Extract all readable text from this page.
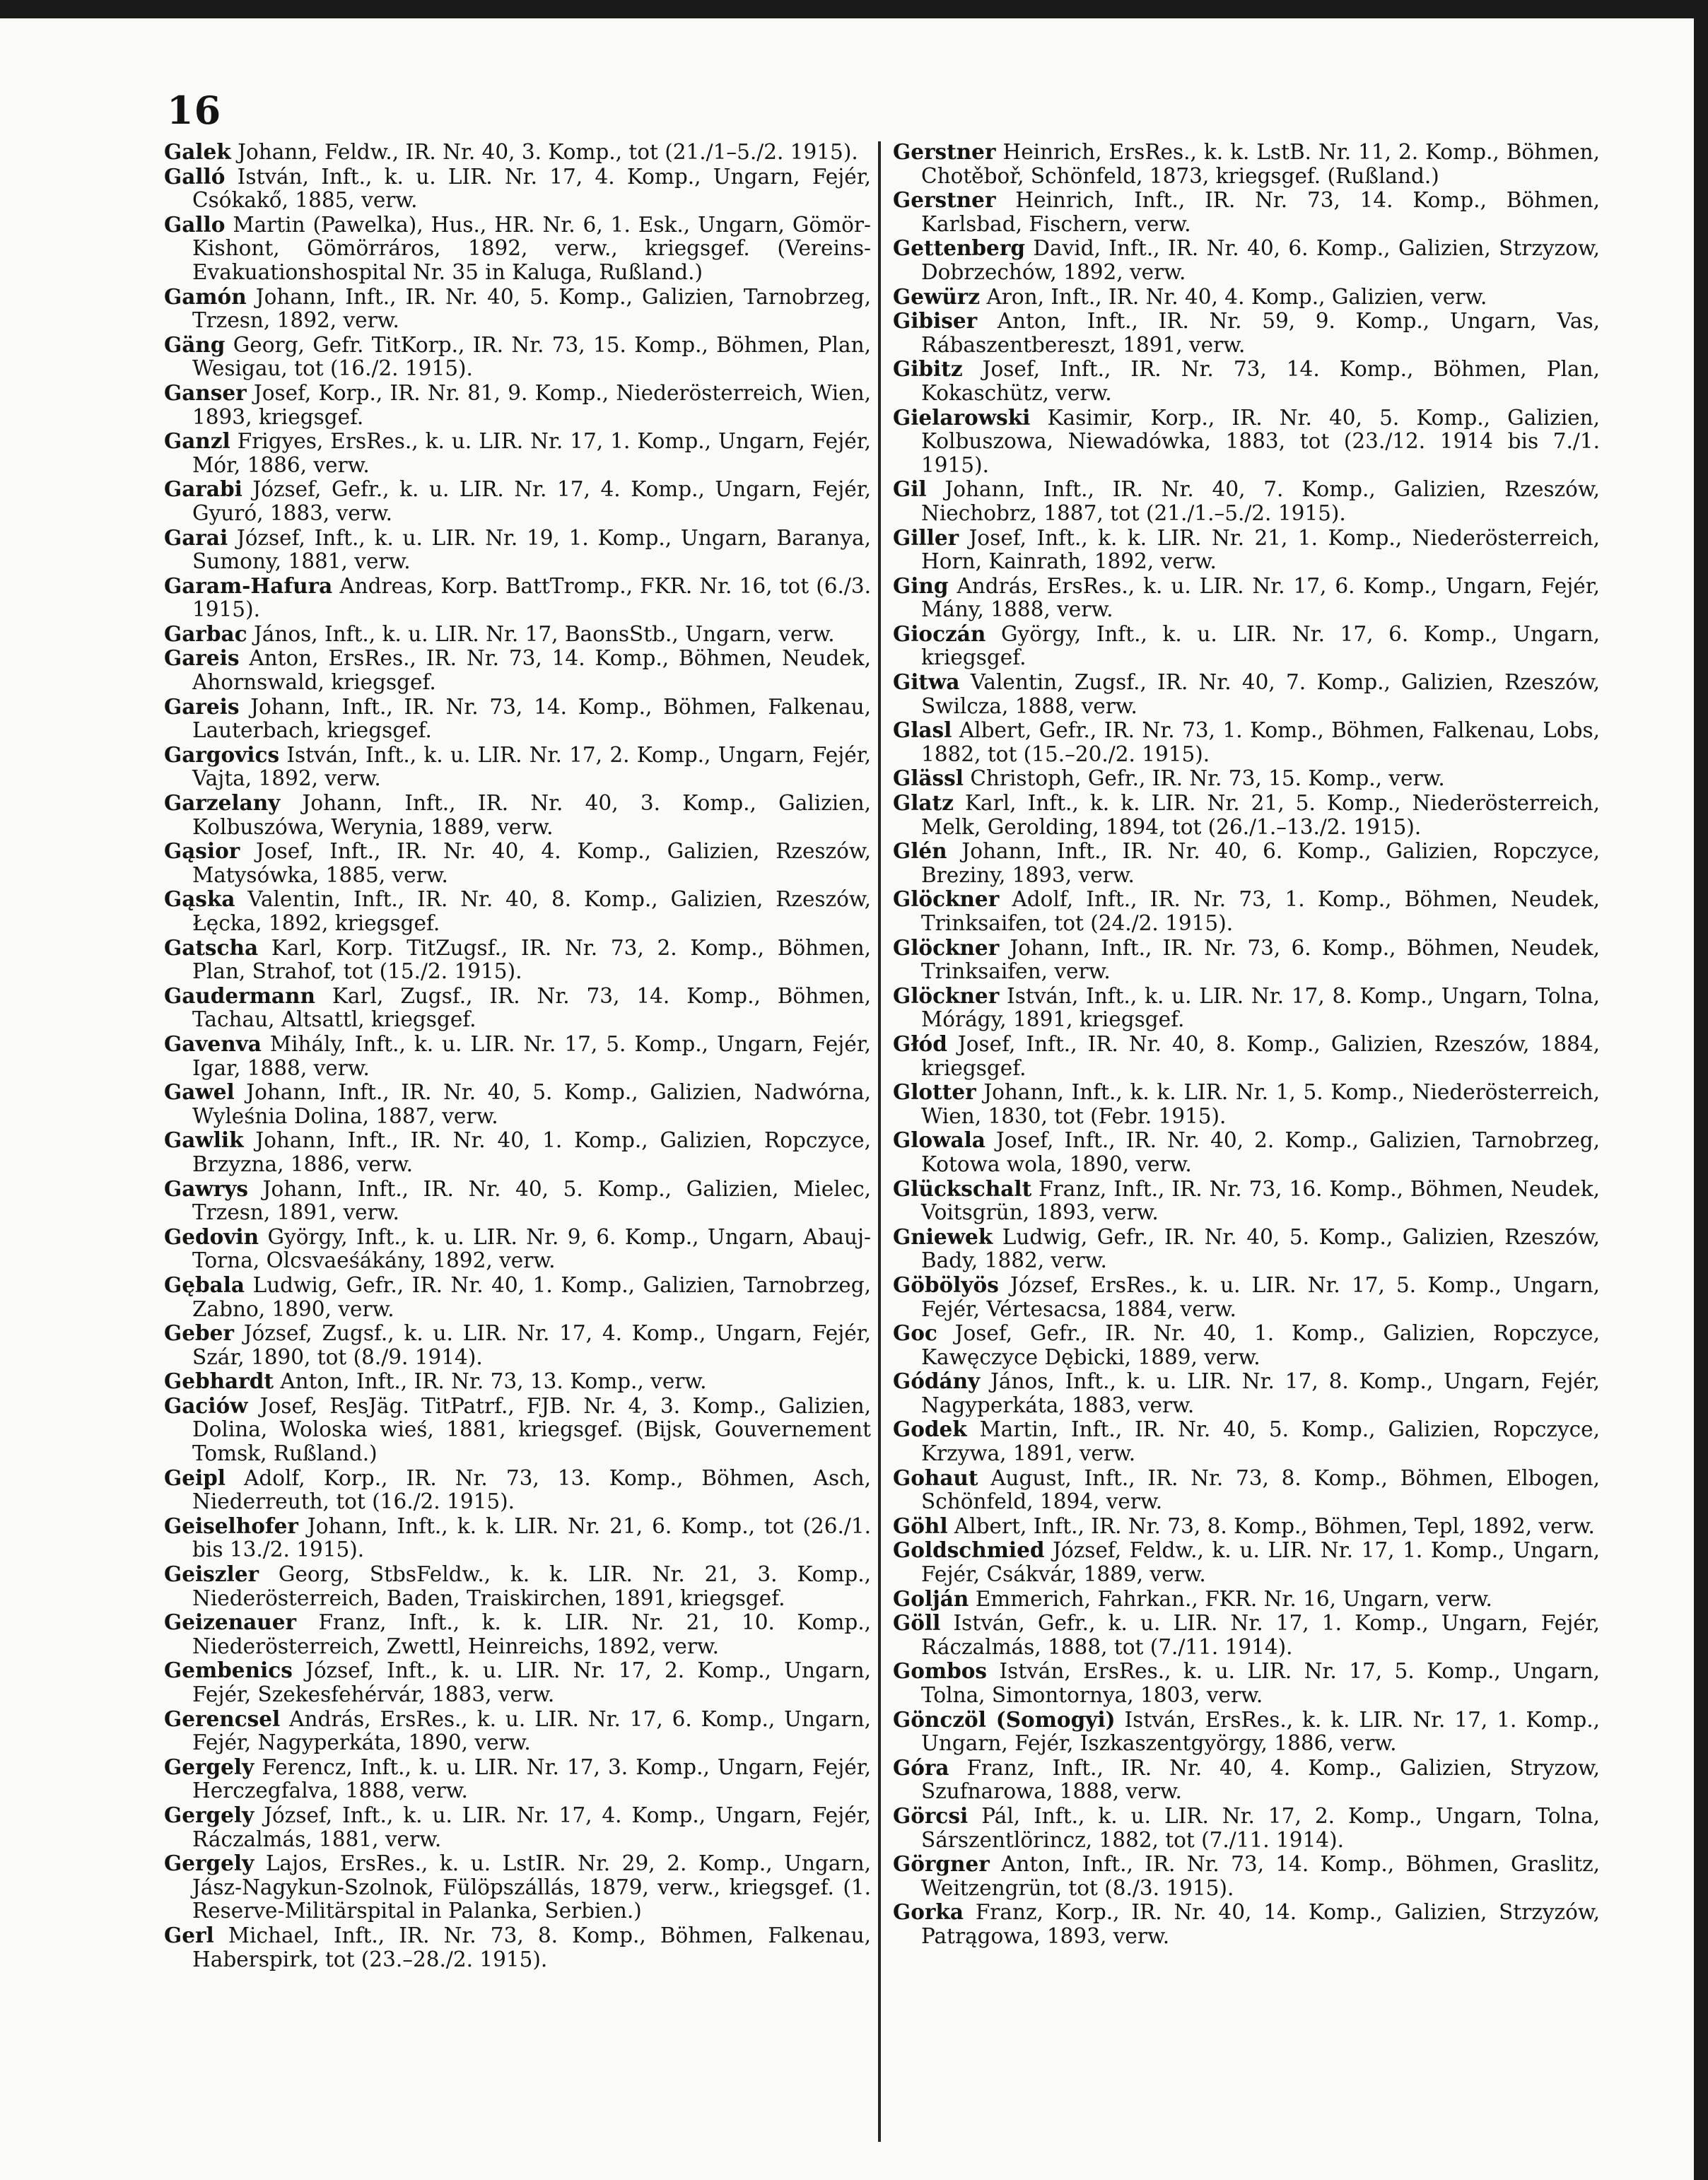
16

Galek Johann, Feldw., IR. Nr. 40, 3. Komp., tot (21./1–5./2. 1915).

Galló István, Inft., k. u. LIR. Nr. 17, 4. Komp., Ungarn, Fejér, Csókakő, 1885, verw.

Gallo Martin (Pawelka), Hus., HR. Nr. 6, 1. Esk., Ungarn, Gömör-Kishont, Gömörráros, 1892, verw., kriegsgef. (Vereins-Evakuationshospital Nr. 35 in Kaluga, Rußland.)

Gamón Johann, Inft., IR. Nr. 40, 5. Komp., Galizien, Tarnobrzeg, Trzesn, 1892, verw.

Gäng Georg, Gefr. TitKorp., IR. Nr. 73, 15. Komp., Böhmen, Plan, Wesigau, tot (16./2. 1915).

Ganser Josef, Korp., IR. Nr. 81, 9. Komp., Niederösterreich, Wien, 1893, kriegsgef.

Ganzl Frigyes, ErsRes., k. u. LIR. Nr. 17, 1. Komp., Ungarn, Fejér, Mór, 1886, verw.

Garabi József, Gefr., k. u. LIR. Nr. 17, 4. Komp., Ungarn, Fejér, Gyuró, 1883, verw.

Garai József, Inft., k. u. LIR. Nr. 19, 1. Komp., Ungarn, Baranya, Sumony, 1881, verw.

Garam-Hafura Andreas, Korp. BattTromp., FKR. Nr. 16, tot (6./3. 1915).

Garbac János, Inft., k. u. LIR. Nr. 17, BaonsStb., Ungarn, verw.

Gareis Anton, ErsRes., IR. Nr. 73, 14. Komp., Böhmen, Neudek, Ahornswald, kriegsgef.

Gareis Johann, Inft., IR. Nr. 73, 14. Komp., Böhmen, Falkenau, Lauterbach, kriegsgef.

Gargovics István, Inft., k. u. LIR. Nr. 17, 2. Komp., Ungarn, Fejér, Vajta, 1892, verw.

Garzelany Johann, Inft., IR. Nr. 40, 3. Komp., Galizien, Kolbuszówa, Werynia, 1889, verw.

Gąsior Josef, Inft., IR. Nr. 40, 4. Komp., Galizien, Rzeszów, Matysówka, 1885, verw.

Gąska Valentin, Inft., IR. Nr. 40, 8. Komp., Galizien, Rzeszów, Łęcka, 1892, kriegsgef.

Gatscha Karl, Korp. TitZugsf., IR. Nr. 73, 2. Komp., Böhmen, Plan, Strahof, tot (15./2. 1915).

Gaudermann Karl, Zugsf., IR. Nr. 73, 14. Komp., Böhmen, Tachau, Altsattl, kriegsgef.

Gavenva Mihály, Inft., k. u. LIR. Nr. 17, 5. Komp., Ungarn, Fejér, Igar, 1888, verw.

Gawel Johann, Inft., IR. Nr. 40, 5. Komp., Galizien, Nadwórna, Wyleśnia Dolina, 1887, verw.

Gawlik Johann, Inft., IR. Nr. 40, 1. Komp., Galizien, Ropczyce, Brzyzna, 1886, verw.

Gawrys Johann, Inft., IR. Nr. 40, 5. Komp., Galizien, Mielec, Trzesn, 1891, verw.

Gedovin György, Inft., k. u. LIR. Nr. 9, 6. Komp., Ungarn, Abauj-Torna, Olcsvaeśákány, 1892, verw.

Gębala Ludwig, Gefr., IR. Nr. 40, 1. Komp., Galizien, Tarnobrzeg, Zabno, 1890, verw.

Geber József, Zugsf., k. u. LIR. Nr. 17, 4. Komp., Ungarn, Fejér, Szár, 1890, tot (8./9. 1914).

Gebhardt Anton, Inft., IR. Nr. 73, 13. Komp., verw.

Gaciów Josef, ResJäg. TitPatrf., FJB. Nr. 4, 3. Komp., Galizien, Dolina, Woloska wieś, 1881, kriegsgef. (Bijsk, Gouvernement Tomsk, Rußland.)

Geipl Adolf, Korp., IR. Nr. 73, 13. Komp., Böhmen, Asch, Niederreuth, tot (16./2. 1915).

Geiselhofer Johann, Inft., k. k. LIR. Nr. 21, 6. Komp., tot (26./1. bis 13./2. 1915).

Geiszler Georg, StbsFeldw., k. k. LIR. Nr. 21, 3. Komp., Niederösterreich, Baden, Traiskirchen, 1891, kriegsgef.

Geizenauer Franz, Inft., k. k. LIR. Nr. 21, 10. Komp., Niederösterreich, Zwettl, Heinreichs, 1892, verw.

Gembenics József, Inft., k. u. LIR. Nr. 17, 2. Komp., Ungarn, Fejér, Szekesfehérvár, 1883, verw.

Gerencsel András, ErsRes., k. u. LIR. Nr. 17, 6. Komp., Ungarn, Fejér, Nagyperkáta, 1890, verw.

Gergely Ferencz, Inft., k. u. LIR. Nr. 17, 3. Komp., Ungarn, Fejér, Herczegfalva, 1888, verw.

Gergely József, Inft., k. u. LIR. Nr. 17, 4. Komp., Ungarn, Fejér, Ráczalmás, 1881, verw.

Gergely Lajos, ErsRes., k. u. LstIR. Nr. 29, 2. Komp., Ungarn, Jász-Nagykun-Szolnok, Fülöpszállás, 1879, verw., kriegsgef. (1. Reserve-Militärspital in Palanka, Serbien.)

Gerl Michael, Inft., IR. Nr. 73, 8. Komp., Böhmen, Falkenau, Haberspirk, tot (23.–28./2. 1915).

Gerstner Heinrich, ErsRes., k. k. LstB. Nr. 11, 2. Komp., Böhmen, Chotěboř, Schönfeld, 1873, kriegsgef. (Rußland.)

Gerstner Heinrich, Inft., IR. Nr. 73, 14. Komp., Böhmen, Karlsbad, Fischern, verw.

Gettenberg David, Inft., IR. Nr. 40, 6. Komp., Galizien, Strzyzow, Dobrzechów, 1892, verw.

Gewürz Aron, Inft., IR. Nr. 40, 4. Komp., Galizien, verw.

Gibiser Anton, Inft., IR. Nr. 59, 9. Komp., Ungarn, Vas, Rábaszentbereszt, 1891, verw.

Gibitz Josef, Inft., IR. Nr. 73, 14. Komp., Böhmen, Plan, Kokaschütz, verw.

Gielarowski Kasimir, Korp., IR. Nr. 40, 5. Komp., Galizien, Kolbuszowa, Niewadówka, 1883, tot (23./12. 1914 bis 7./1. 1915).

Gil Johann, Inft., IR. Nr. 40, 7. Komp., Galizien, Rzeszów, Niechobrz, 1887, tot (21./1.–5./2. 1915).

Giller Josef, Inft., k. k. LIR. Nr. 21, 1. Komp., Niederösterreich, Horn, Kainrath, 1892, verw.

Ging András, ErsRes., k. u. LIR. Nr. 17, 6. Komp., Ungarn, Fejér, Mány, 1888, verw.

Gioczán György, Inft., k. u. LIR. Nr. 17, 6. Komp., Ungarn, kriegsgef.

Gitwa Valentin, Zugsf., IR. Nr. 40, 7. Komp., Galizien, Rzeszów, Swilcza, 1888, verw.

Glasl Albert, Gefr., IR. Nr. 73, 1. Komp., Böhmen, Falkenau, Lobs, 1882, tot (15.–20./2. 1915).

Glässl Christoph, Gefr., IR. Nr. 73, 15. Komp., verw.

Glatz Karl, Inft., k. k. LIR. Nr. 21, 5. Komp., Niederösterreich, Melk, Gerolding, 1894, tot (26./1.–13./2. 1915).

Glén Johann, Inft., IR. Nr. 40, 6. Komp., Galizien, Ropczyce, Breziny, 1893, verw.

Glöckner Adolf, Inft., IR. Nr. 73, 1. Komp., Böhmen, Neudek, Trinksaifen, tot (24./2. 1915).

Glöckner Johann, Inft., IR. Nr. 73, 6. Komp., Böhmen, Neudek, Trinksaifen, verw.

Glöckner István, Inft., k. u. LIR. Nr. 17, 8. Komp., Ungarn, Tolna, Mórágy, 1891, kriegsgef.

Głód Josef, Inft., IR. Nr. 40, 8. Komp., Galizien, Rzeszów, 1884, kriegsgef.

Glotter Johann, Inft., k. k. LIR. Nr. 1, 5. Komp., Niederösterreich, Wien, 1830, tot (Febr. 1915).

Glowala Josef, Inft., IR. Nr. 40, 2. Komp., Galizien, Tarnobrzeg, Kotowa wola, 1890, verw.

Glückschalt Franz, Inft., IR. Nr. 73, 16. Komp., Böhmen, Neudek, Voitsgrün, 1893, verw.

Gniewek Ludwig, Gefr., IR. Nr. 40, 5. Komp., Galizien, Rzeszów, Bady, 1882, verw.

Göbölyös József, ErsRes., k. u. LIR. Nr. 17, 5. Komp., Ungarn, Fejér, Vértesacsa, 1884, verw.

Goc Josef, Gefr., IR. Nr. 40, 1. Komp., Galizien, Ropczyce, Kawęczyce Dębicki, 1889, verw.

Gódány János, Inft., k. u. LIR. Nr. 17, 8. Komp., Ungarn, Fejér, Nagyperkáta, 1883, verw.

Godek Martin, Inft., IR. Nr. 40, 5. Komp., Galizien, Ropczyce, Krzywa, 1891, verw.

Gohaut August, Inft., IR. Nr. 73, 8. Komp., Böhmen, Elbogen, Schönfeld, 1894, verw.

Göhl Albert, Inft., IR. Nr. 73, 8. Komp., Böhmen, Tepl, 1892, verw.

Goldschmied József, Feldw., k. u. LIR. Nr. 17, 1. Komp., Ungarn, Fejér, Csákvár, 1889, verw.

Golján Emmerich, Fahrkan., FKR. Nr. 16, Ungarn, verw.

Göll István, Gefr., k. u. LIR. Nr. 17, 1. Komp., Ungarn, Fejér, Ráczalmás, 1888, tot (7./11. 1914).

Gombos István, ErsRes., k. u. LIR. Nr. 17, 5. Komp., Ungarn, Tolna, Simontornya, 1803, verw.

Gönczöl (Somogyi) István, ErsRes., k. k. LIR. Nr. 17, 1. Komp., Ungarn, Fejér, Iszkaszentgyörgy, 1886, verw.

Góra Franz, Inft., IR. Nr. 40, 4. Komp., Galizien, Stryzow, Szufnarowa, 1888, verw.

Görcsi Pál, Inft., k. u. LIR. Nr. 17, 2. Komp., Ungarn, Tolna, Sárszentlörincz, 1882, tot (7./11. 1914).

Görgner Anton, Inft., IR. Nr. 73, 14. Komp., Böhmen, Graslitz, Weitzengrün, tot (8./3. 1915).

Gorka Franz, Korp., IR. Nr. 40, 14. Komp., Galizien, Strzyzów, Patrągowa, 1893, verw.
